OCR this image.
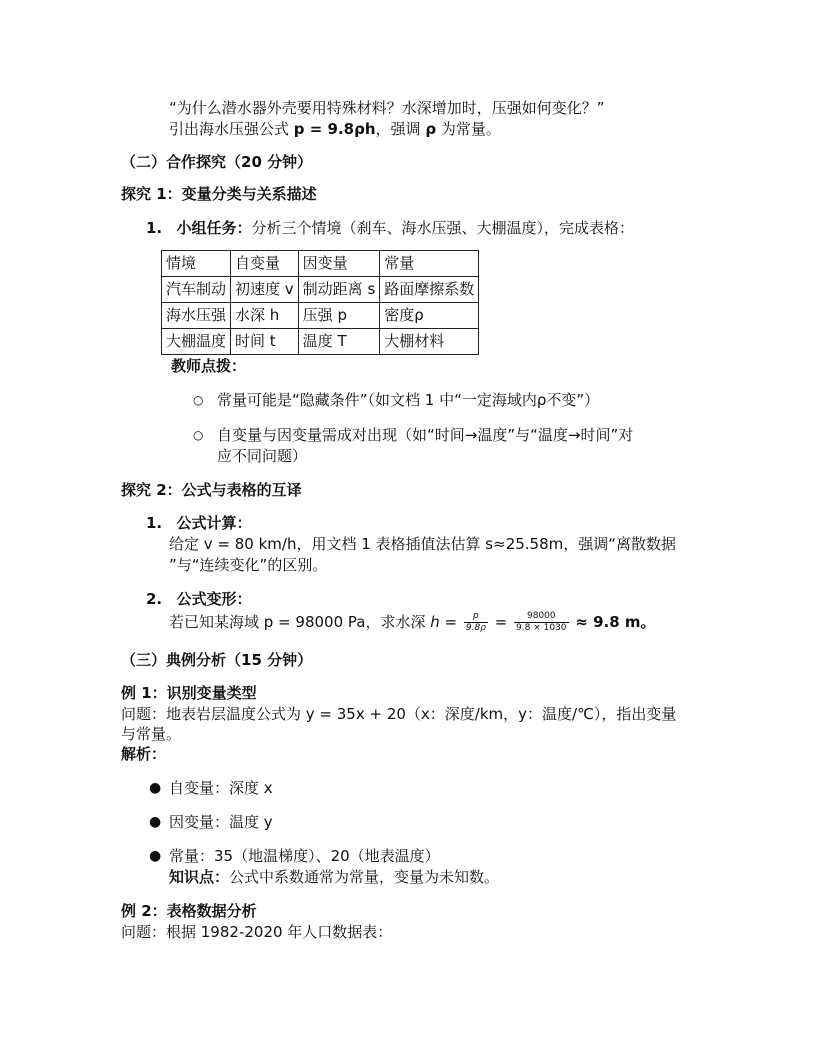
“为什么潜水器外壳要用特殊材料？水深增加时，压强如何变化？”
引出海水压强公式 p = 9.8ρh，强调 ρ 为常量。
（二）合作探究（20 分钟）
探究 1：变量分类与关系描述
1. 小组任务：分析三个情境（刹车、海水压强、大棚温度），完成表格：
情境	自变量	因变量	常量
汽车制动	初速度 v	制动距离 s	路面摩擦系数
海水压强	水深 h	压强 p	密度ρ
大棚温度	时间 t	温度 T	大棚材料
教师点拨：
○ 常量可能是“隐藏条件”（如文档 1 中“一定海域内ρ不变”）
○ 自变量与因变量需成对出现（如“时间→温度”与“温度→时间”对
应不同问题）
探究 2：公式与表格的互译
1. 公式计算：
给定 v = 80 km/h，用文档 1 表格插值法估算 s≈25.58m，强调“离散数据
”与“连续变化”的区别。
2. 公式变形：
若已知某海域 p = 98000 Pa，求水深 $h = \frac{p}{9.8\rho} = \frac{98000}{9.8 \times 1030} \approx 9.8$ m。
（三）典例分析（15 分钟）
例 1：识别变量类型
问题：地表岩层温度公式为 y = 35x + 20（x：深度/km，y：温度/℃），指出变量
与常量。
解析：
● 自变量：深度 x
● 因变量：温度 y
● 常量：35（地温梯度）、20（地表温度）
知识点：公式中系数通常为常量，变量为未知数。
例 2：表格数据分析
问题：根据 1982-2020 年人口数据表：
